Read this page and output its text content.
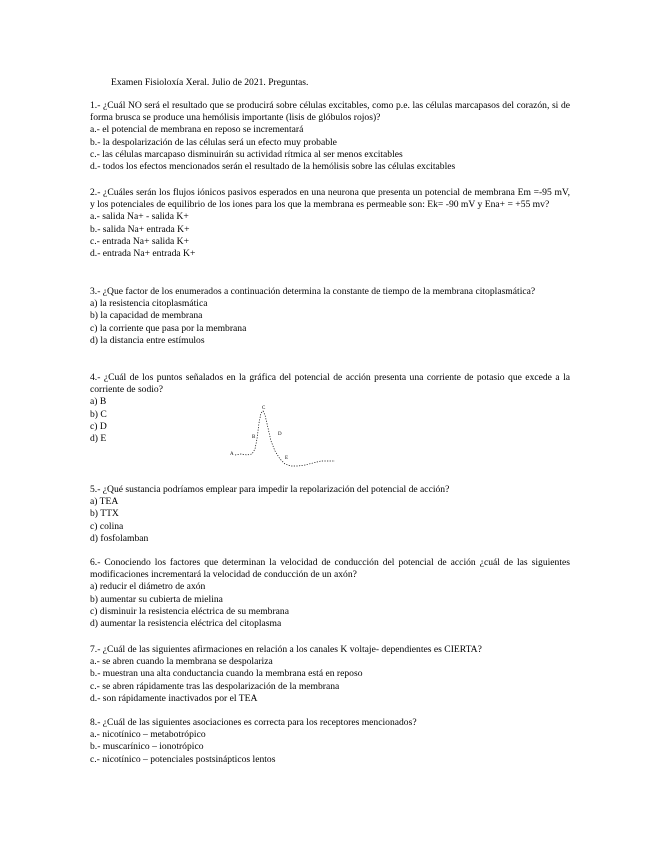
Examen Fisioloxía Xeral. Julio de 2021. Preguntas.

1.- ¿Cuál NO será el resultado que se producirá sobre células excitables, como p.e. las células marcapasos del corazón, si de forma brusca se produce una hemólisis importante (lisis de glóbulos rojos)?

a.- el potencial de membrana en reposo se incrementará

b.- la despolarización de las células será un efecto muy probable

c.- las células marcapaso disminuirán su actividad rítmica al ser menos excitables

d.- todos los efectos mencionados serán el resultado de la hemólisis sobre las células excitables

2.- ¿Cuáles serán los flujos iónicos pasivos esperados en una neurona que presenta un potencial de membrana Em =-95 mV, y los potenciales de equilibrio de los iones para los que la membrana es permeable son: Ek= -90 mV y Ena+ = +55 mv?

a.- salida Na+ - salida K+

b.- salida Na+ entrada K+

c.- entrada Na+ salida K+

d.- entrada Na+ entrada K+

3.- ¿Que factor de los enumerados a continuación determina la constante de tiempo de la membrana citoplasmática?

a) la resistencia citoplasmática

b) la capacidad de membrana

c) la corriente que pasa por la membrana

d) la distancia entre estímulos

4.- ¿Cuál de los puntos señalados en la gráfica del potencial de acción presenta una corriente de potasio que excede a la corriente de sodio?

a) B

b) C

c) D

d) E

A
B
C
D
E

5.- ¿Qué sustancia podríamos emplear para impedir la repolarización del potencial de acción?

a) TEA

b) TTX

c) colina

d) fosfolamban

6.- Conociendo los factores que determinan la velocidad de conducción del potencial de acción ¿cuál de las siguientes modificaciones incrementará la velocidad de conducción de un axón?

a) reducir el diámetro de axón

b) aumentar su cubierta de mielina

c) disminuir la resistencia eléctrica de su membrana

d) aumentar la resistencia eléctrica del citoplasma

7.- ¿Cuál de las siguientes afirmaciones en relación a los canales K voltaje- dependientes es CIERTA?

a.- se abren cuando la membrana se despolariza

b.- muestran una alta conductancia cuando la membrana está en reposo

c.- se abren rápidamente tras las despolarización de la membrana

d.- son rápidamente inactivados por el TEA

8.- ¿Cuál de las siguientes asociaciones es correcta para los receptores mencionados?

a.- nicotínico – metabotrópico

b.- muscarínico – ionotrópico

c.- nicotínico – potenciales postsinápticos lentos
